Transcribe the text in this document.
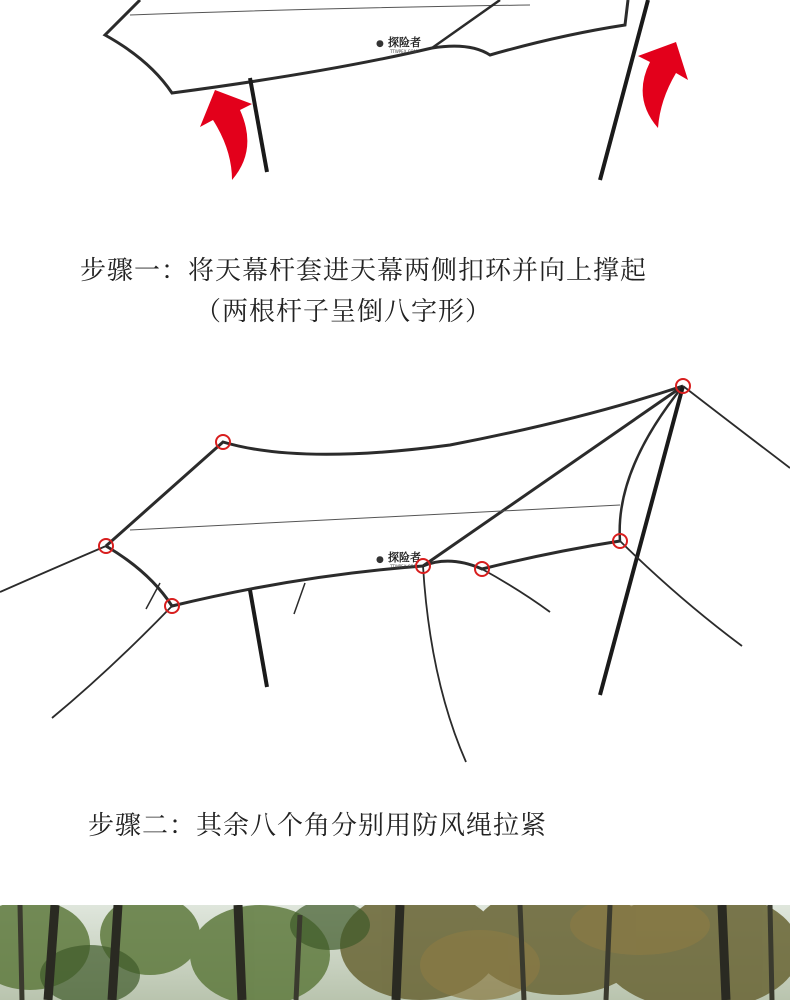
● 探险者
TTWPEX.COM
步骤一：将天幕杆套进天幕两侧扣环并向上撑起
（两根杆子呈倒八字形）
● 探险者
TTWPEX.COM
步骤二：其余八个角分别用防风绳拉紧
